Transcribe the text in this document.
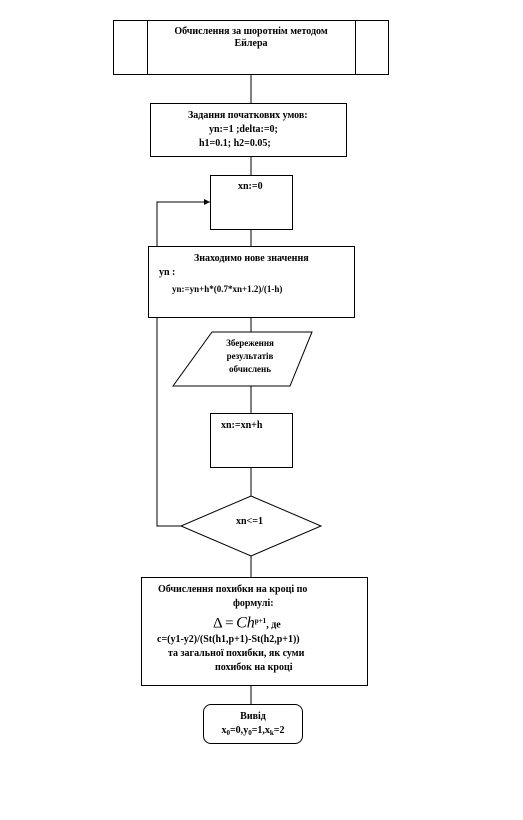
Обчислення за шоротнім методом
Ейлера
Задання початкових умов:
yn:=1 ;delta:=0;
h1=0.1; h2=0.05;
xn:=0
Знаходимо нове значення
yn :
yn:=yn+h*(0.7*xn+1.2)/(1-h)
Збереження
результатів
обчислень
xn:=xn+h
xn<=1
Обчислення похибки на кроці по
формулі:
$\Delta = Ch^{p+1}$, де
c=(y1-y2)/(St(h1,p+1)-St(h2,p+1))
та загальної похибки, як суми
похибок на кроці
Вивід
$x_0=0,y_0=1,x_k=2$
